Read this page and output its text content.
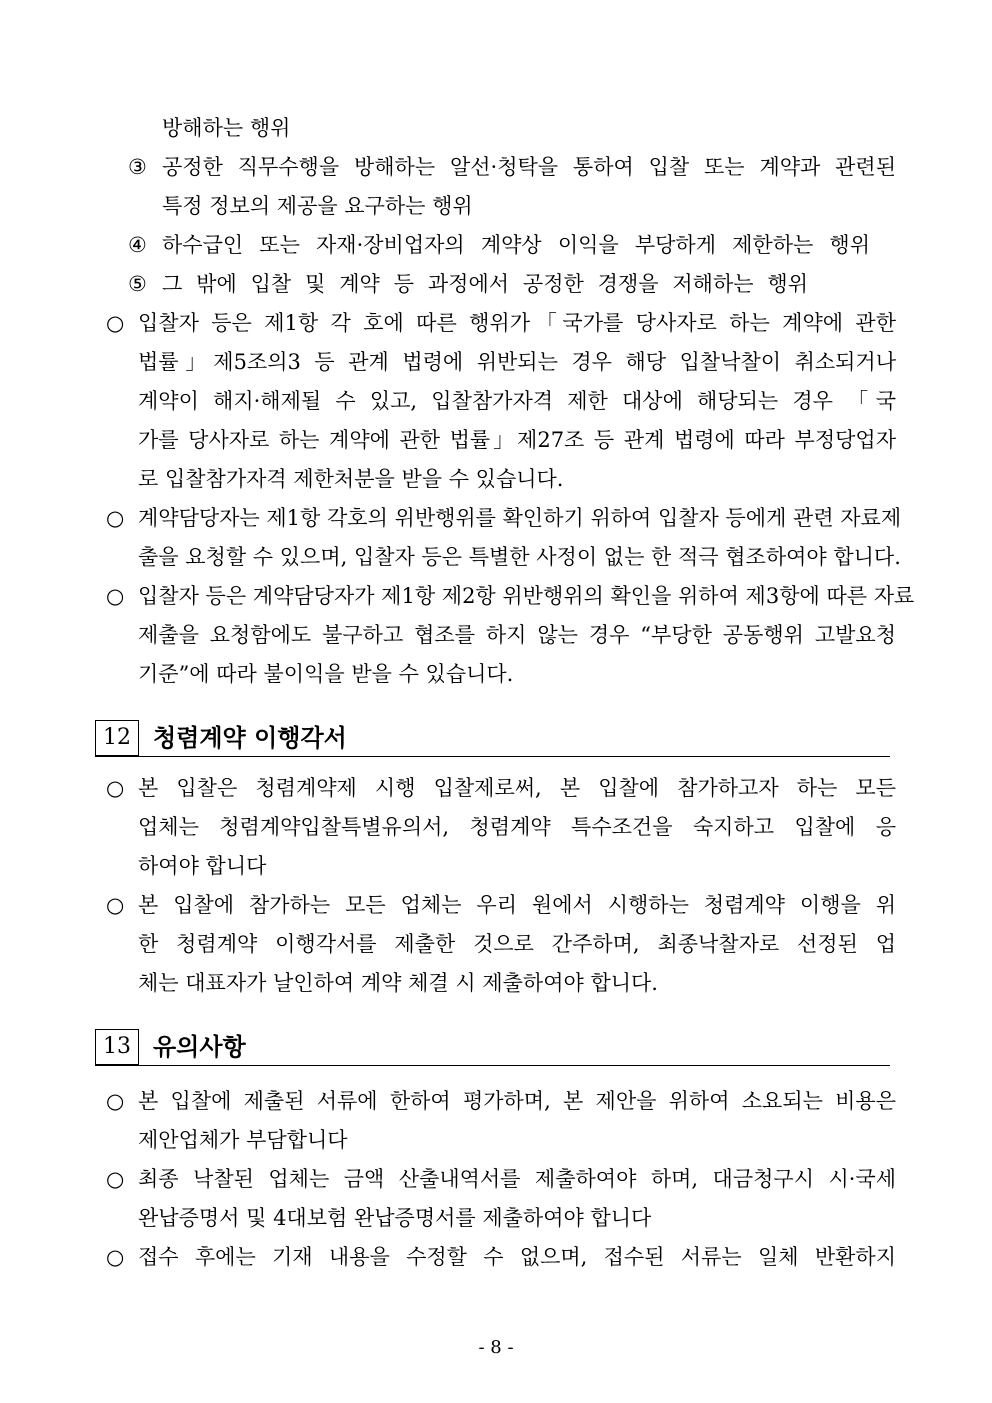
방해하는 행위
③ 공정한 직무수행을 방해하는 알선·청탁을 통하여 입찰 또는 계약과 관련된
특정 정보의 제공을 요구하는 행위
④ 하수급인 또는 자재·장비업자의 계약상 이익을 부당하게 제한하는 행위
⑤ 그 밖에 입찰 및 계약 등 과정에서 공정한 경쟁을 저해하는 행위
○ 입찰자 등은 제1항 각 호에 따른 행위가「국가를 당사자로 하는 계약에 관한
법률」제5조의3 등 관계 법령에 위반되는 경우 해당 입찰낙찰이 취소되거나
계약이 해지·해제될 수 있고, 입찰참가자격 제한 대상에 해당되는 경우 「국
가를 당사자로 하는 계약에 관한 법률」제27조 등 관계 법령에 따라 부정당업자
로 입찰참가자격 제한처분을 받을 수 있습니다.
○ 계약담당자는 제1항 각호의 위반행위를 확인하기 위하여 입찰자 등에게 관련 자료제
출을 요청할 수 있으며, 입찰자 등은 특별한 사정이 없는 한 적극 협조하여야 합니다.
○ 입찰자 등은 계약담당자가 제1항 제2항 위반행위의 확인을 위하여 제3항에 따른 자료
제출을 요청함에도 불구하고 협조를 하지 않는 경우 “부당한 공동행위 고발요청
기준”에 따라 불이익을 받을 수 있습니다.
12 청렴계약 이행각서
○ 본 입찰은 청렴계약제 시행 입찰제로써, 본 입찰에 참가하고자 하는 모든
업체는 청렴계약입찰특별유의서, 청렴계약 특수조건을 숙지하고 입찰에 응
하여야 합니다
○ 본 입찰에 참가하는 모든 업체는 우리 원에서 시행하는 청렴계약 이행을 위
한 청렴계약 이행각서를 제출한 것으로 간주하며, 최종낙찰자로 선정된 업
체는 대표자가 날인하여 계약 체결 시 제출하여야 합니다.
13 유의사항
○ 본 입찰에 제출된 서류에 한하여 평가하며, 본 제안을 위하여 소요되는 비용은
제안업체가 부담합니다
○ 최종 낙찰된 업체는 금액 산출내역서를 제출하여야 하며, 대금청구시 시·국세
완납증명서 및 4대보험 완납증명서를 제출하여야 합니다
○ 접수 후에는 기재 내용을 수정할 수 없으며, 접수된 서류는 일체 반환하지
- 8 -
